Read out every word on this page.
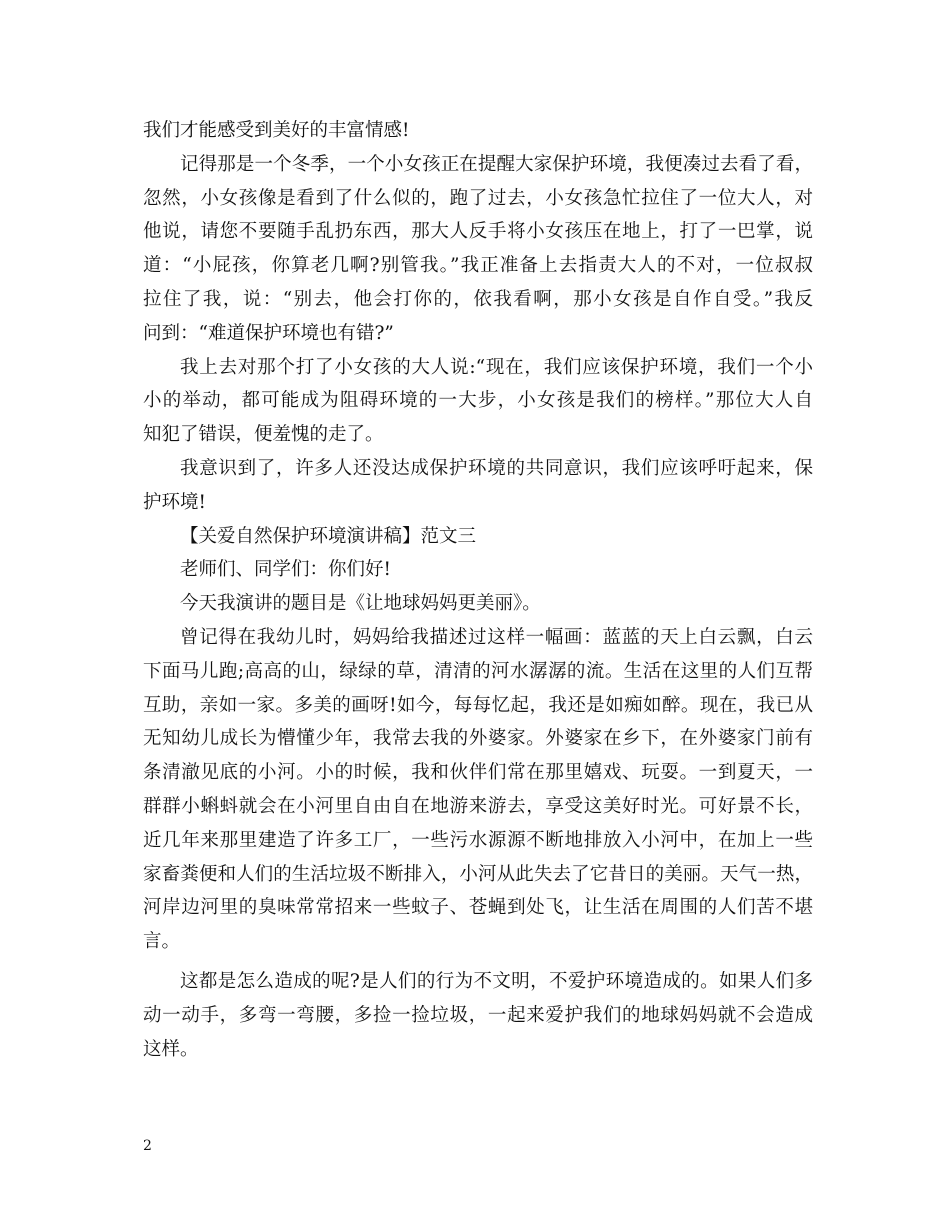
我们才能感受到美好的丰富情感!
记得那是一个冬季，一个小女孩正在提醒大家保护环境，我便凑过去看了看，
忽然，小女孩像是看到了什么似的，跑了过去，小女孩急忙拉住了一位大人，对
他说，请您不要随手乱扔东西，那大人反手将小女孩压在地上，打了一巴掌，说
道：“小屁孩，你算老几啊?别管我。”我正准备上去指责大人的不对，一位叔叔
拉住了我，说：“别去，他会打你的，依我看啊，那小女孩是自作自受。”我反
问到：“难道保护环境也有错?”
我上去对那个打了小女孩的大人说:“现在，我们应该保护环境，我们一个小
小的举动，都可能成为阻碍环境的一大步，小女孩是我们的榜样。”那位大人自
知犯了错误，便羞愧的走了。
我意识到了，许多人还没达成保护环境的共同意识，我们应该呼吁起来，保
护环境!
【关爱自然保护环境演讲稿】范文三
老师们、同学们：你们好!
今天我演讲的题目是《让地球妈妈更美丽》。
曾记得在我幼儿时，妈妈给我描述过这样一幅画：蓝蓝的天上白云飘，白云
下面马儿跑;高高的山，绿绿的草，清清的河水潺潺的流。生活在这里的人们互帮
互助，亲如一家。多美的画呀!如今，每每忆起，我还是如痴如醉。现在，我已从
无知幼儿成长为懵懂少年，我常去我的外婆家。外婆家在乡下，在外婆家门前有
条清澈见底的小河。小的时候，我和伙伴们常在那里嬉戏、玩耍。一到夏天，一
群群小蝌蚪就会在小河里自由自在地游来游去，享受这美好时光。可好景不长，
近几年来那里建造了许多工厂，一些污水源源不断地排放入小河中，在加上一些
家畜粪便和人们的生活垃圾不断排入，小河从此失去了它昔日的美丽。天气一热，
河岸边河里的臭味常常招来一些蚊子、苍蝇到处飞，让生活在周围的人们苦不堪
言。
这都是怎么造成的呢?是人们的行为不文明，不爱护环境造成的。如果人们多
动一动手，多弯一弯腰，多捡一捡垃圾，一起来爱护我们的地球妈妈就不会造成
这样。
2
